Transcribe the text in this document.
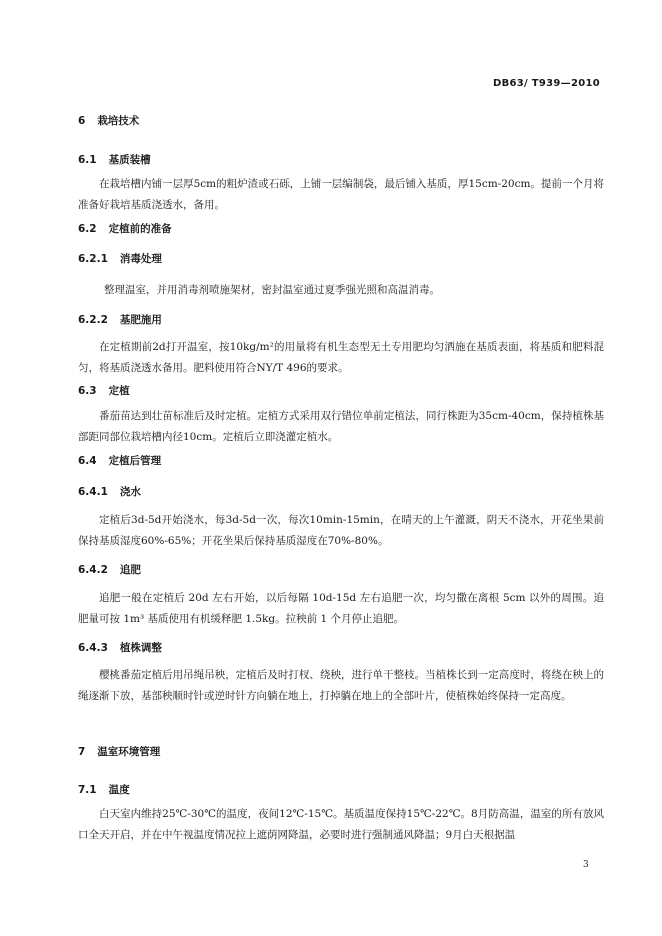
DB63/ T939—2010
6 栽培技术
6.1 基质装槽

在栽培槽内铺一层厚5cm的粗炉渣或石砾，上铺一层编制袋，最后铺入基质，厚15cm-20cm。提前一个月将准备好栽培基质浇透水，备用。

6.2 定植前的准备
6.2.1 消毒处理

整理温室，并用消毒剂喷施架材，密封温室通过夏季强光照和高温消毒。

6.2.2 基肥施用

在定植期前2d打开温室，按10kg/m²的用量将有机生态型无土专用肥均匀洒施在基质表面，将基质和肥料混匀，将基质浇透水备用。肥料使用符合NY/T 496的要求。

6.3 定植

番茄苗达到壮苗标准后及时定植。定植方式采用双行错位单前定植法，同行株距为35cm-40cm，保持植株基部距同部位栽培槽内径10cm。定植后立即浇灌定植水。

6.4 定植后管理
6.4.1 浇水

定植后3d-5d开始浇水，每3d-5d一次，每次10min-15min，在晴天的上午灌溉，阴天不浇水，开花坐果前保持基质湿度60%-65%；开花坐果后保持基质湿度在70%-80%。

6.4.2 追肥

追肥一般在定植后 20d 左右开始，以后每隔 10d-15d 左右追肥一次，均匀撒在离根 5cm 以外的周围。追肥量可按 1m³ 基质使用有机缓释肥 1.5kg。拉秧前 1 个月停止追肥。

6.4.3 植株调整

樱桃番茄定植后用吊绳吊秧，定植后及时打杈、绕秧，进行单干整枝。当植株长到一定高度时，将绕在秧上的绳逐渐下放，基部秧顺时针或逆时针方向躺在地上，打掉躺在地上的全部叶片，使植株始终保持一定高度。

7 温室环境管理
7.1 温度

白天室内维持25℃-30℃的温度，夜间12℃-15℃。基质温度保持15℃-22℃。8月防高温，温室的所有放风口全天开启，并在中午视温度情况拉上遮荫网降温，必要时进行强制通风降温；9月白天根据温

3
